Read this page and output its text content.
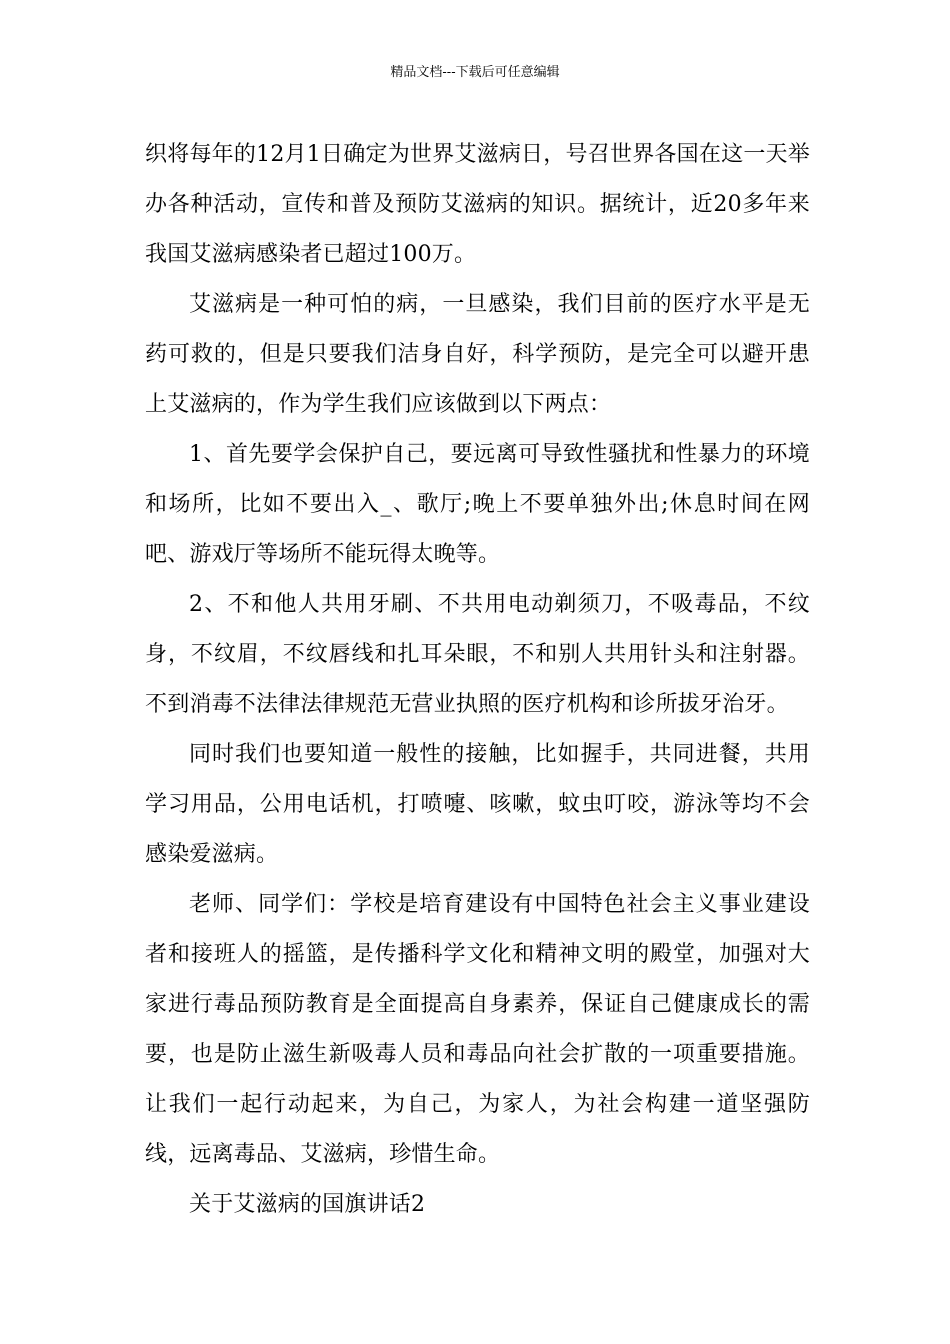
精品文档---下载后可任意编辑

织将每年的12月1日确定为世界艾滋病日，号召世界各国在这一天举办各种活动，宣传和普及预防艾滋病的知识。据统计，近20多年来我国艾滋病感染者已超过100万。

艾滋病是一种可怕的病，一旦感染，我们目前的医疗水平是无药可救的，但是只要我们洁身自好，科学预防，是完全可以避开患上艾滋病的，作为学生我们应该做到以下两点：

1、首先要学会保护自己，要远离可导致性骚扰和性暴力的环境和场所，比如不要出入_、歌厅;晚上不要单独外出;休息时间在网吧、游戏厅等场所不能玩得太晚等。

2、不和他人共用牙刷、不共用电动剃须刀，不吸毒品，不纹身，不纹眉，不纹唇线和扎耳朵眼，不和别人共用针头和注射器。不到消毒不法律法律规范无营业执照的医疗机构和诊所拔牙治牙。

同时我们也要知道一般性的接触，比如握手，共同进餐，共用学习用品，公用电话机，打喷嚏、咳嗽，蚊虫叮咬，游泳等均不会感染爱滋病。

老师、同学们：学校是培育建设有中国特色社会主义事业建设者和接班人的摇篮，是传播科学文化和精神文明的殿堂，加强对大家进行毒品预防教育是全面提高自身素养，保证自己健康成长的需要，也是防止滋生新吸毒人员和毒品向社会扩散的一项重要措施。让我们一起行动起来，为自己，为家人，为社会构建一道坚强防线，远离毒品、艾滋病，珍惜生命。

关于艾滋病的国旗讲话2
